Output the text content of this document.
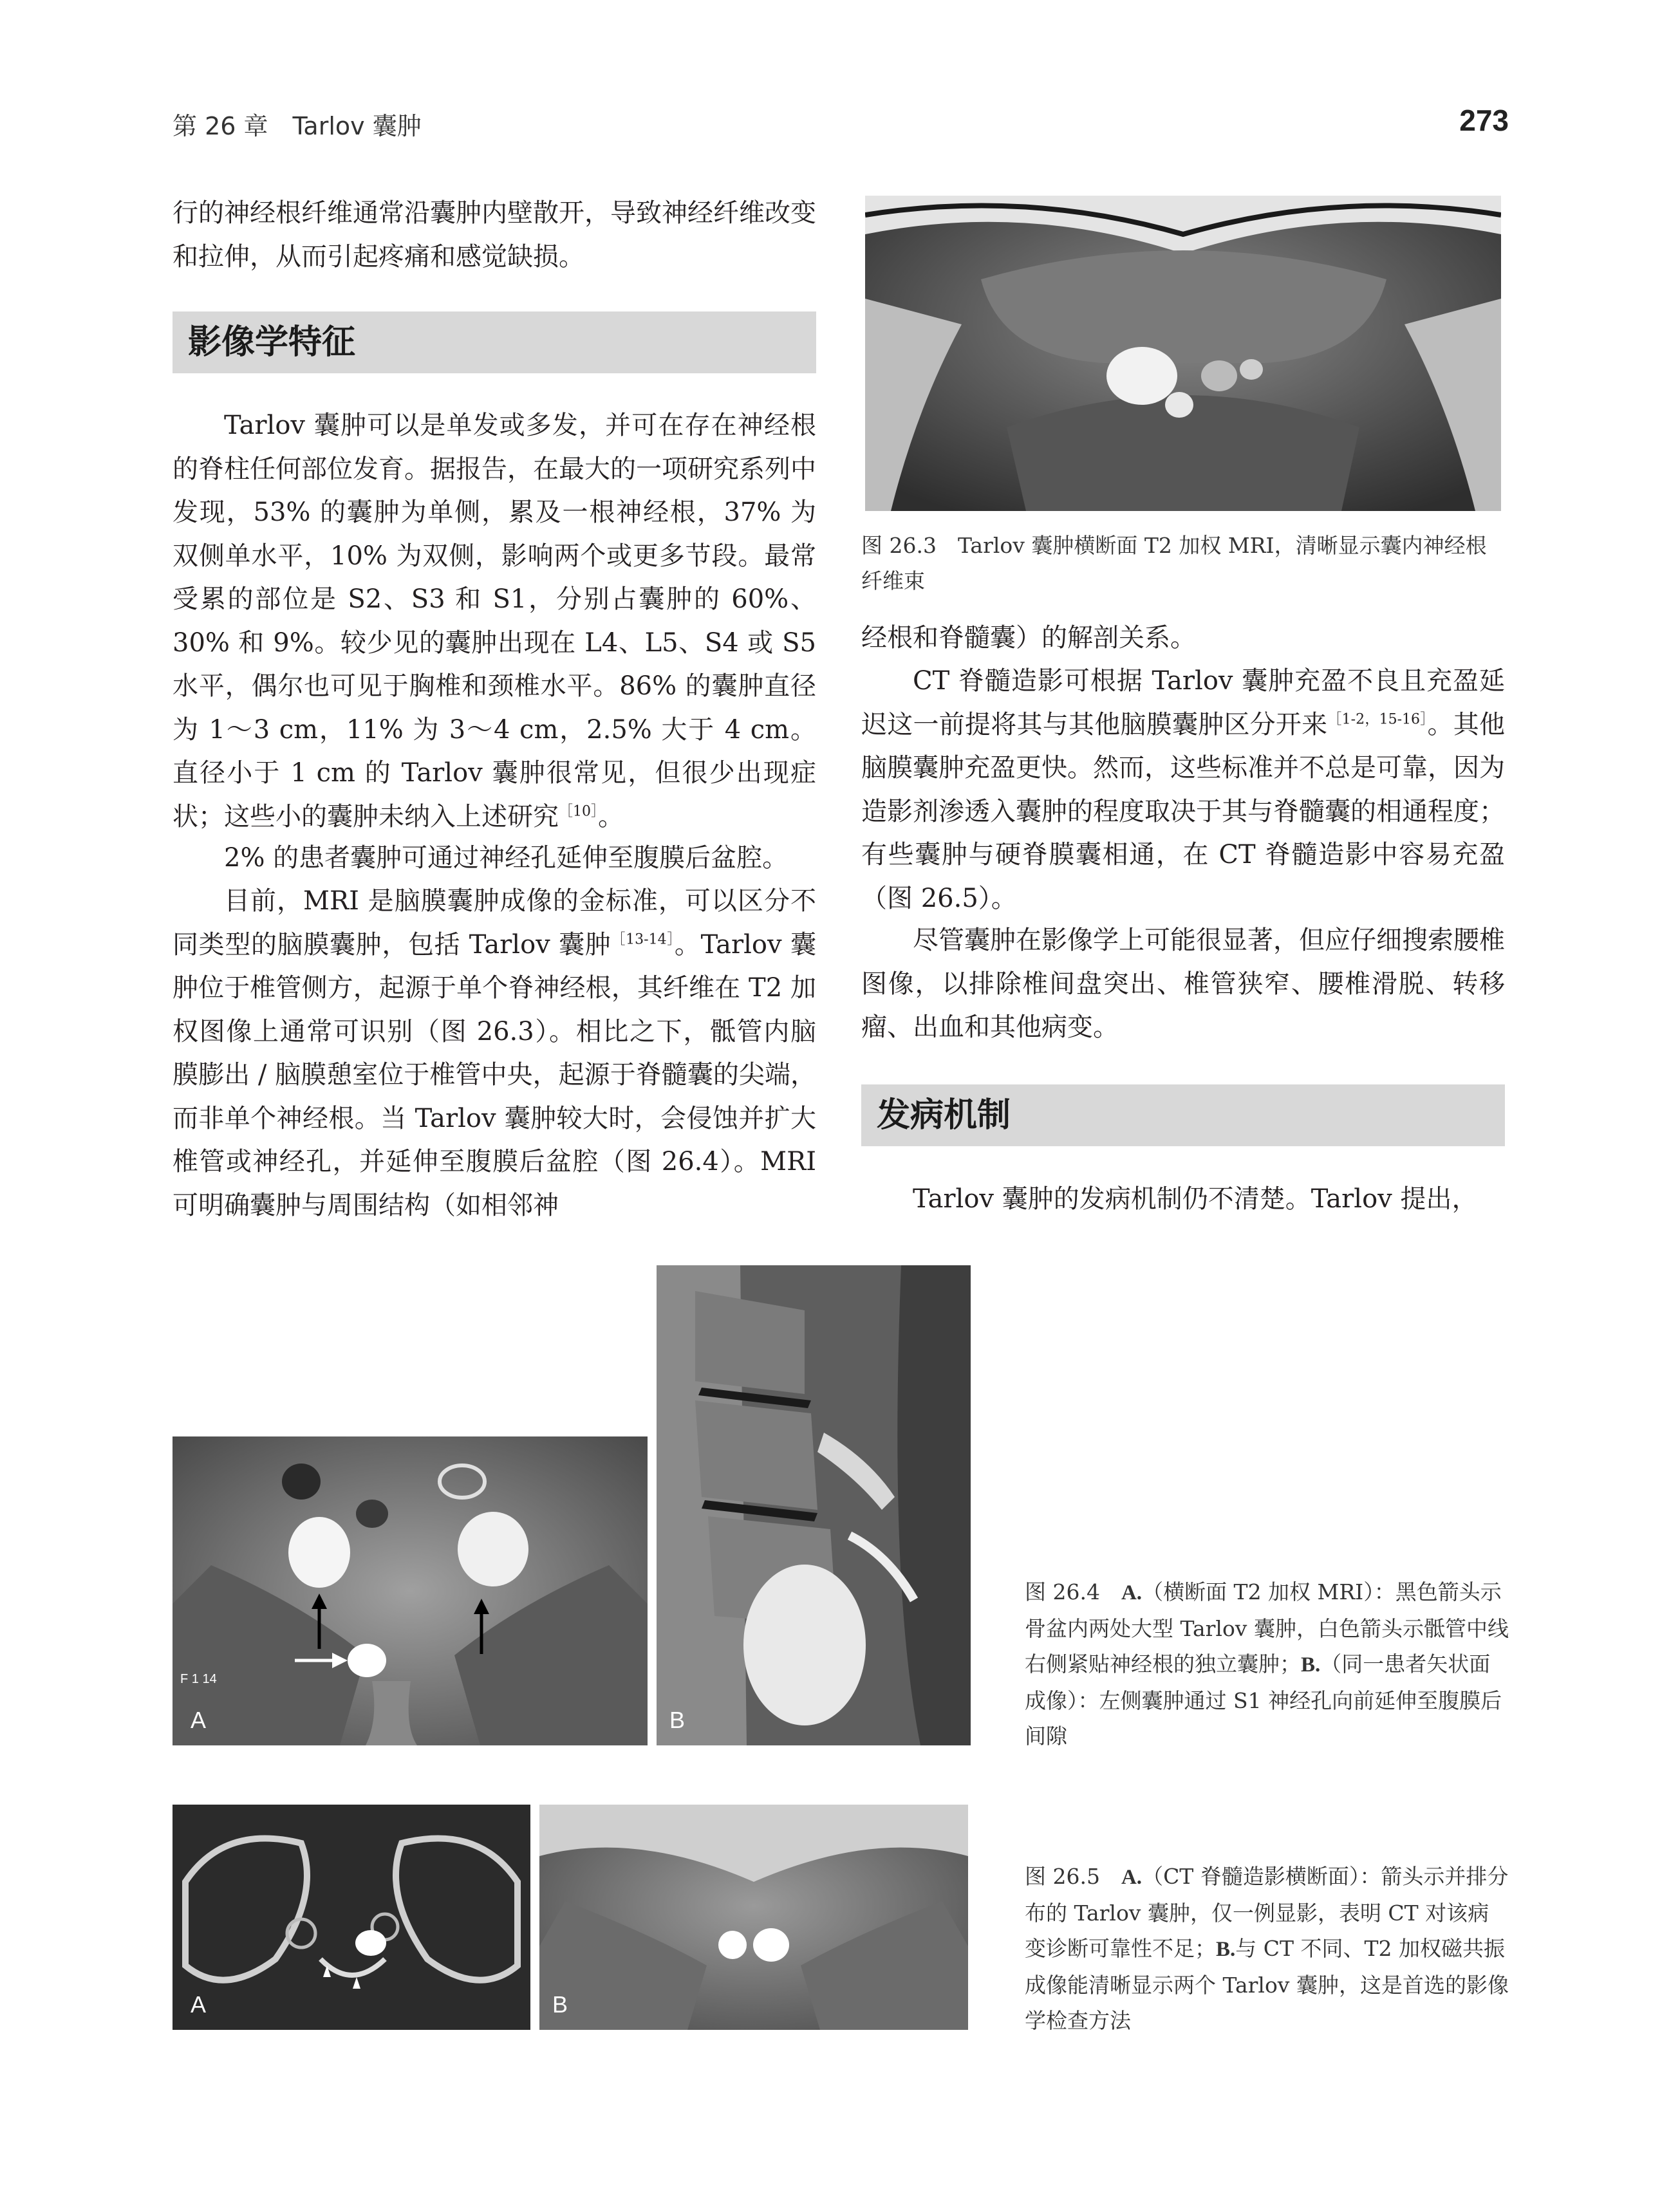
第 26 章　Tarlov 囊肿	273

行的神经根纤维通常沿囊肿内壁散开，导致神经纤维改变和拉伸，从而引起疼痛和感觉缺损。

影像学特征

Tarlov 囊肿可以是单发或多发，并可在存在神经根的脊柱任何部位发育。据报告，在最大的一项研究系列中发现，53% 的囊肿为单侧，累及一根神经根，37% 为双侧单水平，10% 为双侧，影响两个或更多节段。最常受累的部位是 S2、S3 和 S1，分别占囊肿的 60%、30% 和 9%。较少见的囊肿出现在 L4、L5、S4 或 S5 水平，偶尔也可见于胸椎和颈椎水平。86% 的囊肿直径为 1～3 cm，11% 为 3～4 cm，2.5% 大于 4 cm。直径小于 1 cm 的 Tarlov 囊肿很常见，但很少出现症状；这些小的囊肿未纳入上述研究$^{[10]}$。

2% 的患者囊肿可通过神经孔延伸至腹膜后盆腔。

目前，MRI 是脑膜囊肿成像的金标准，可以区分不同类型的脑膜囊肿，包括 Tarlov 囊肿$^{[13-14]}$。Tarlov 囊肿位于椎管侧方，起源于单个脊神经根，其纤维在 T2 加权图像上通常可识别（图 26.3）。相比之下，骶管内脑膜膨出 / 脑膜憩室位于椎管中央，起源于脊髓囊的尖端，而非单个神经根。当 Tarlov 囊肿较大时，会侵蚀并扩大椎管或神经孔，并延伸至腹膜后盆腔（图 26.4）。MRI 可明确囊肿与周围结构（如相邻神

图 26.3　Tarlov 囊肿横断面 T2 加权 MRI，清晰显示囊内神经根纤维束

经根和脊髓囊）的解剖关系。

CT 脊髓造影可根据 Tarlov 囊肿充盈不良且充盈延迟这一前提将其与其他脑膜囊肿区分开来$^{[1-2,15-16]}$。其他脑膜囊肿充盈更快。然而，这些标准并不总是可靠，因为造影剂渗透入囊肿的程度取决于其与脊髓囊的相通程度；有些囊肿与硬脊膜囊相通，在 CT 脊髓造影中容易充盈（图 26.5）。

尽管囊肿在影像学上可能很显著，但应仔细搜索腰椎图像，以排除椎间盘突出、椎管狭窄、腰椎滑脱、转移瘤、出血和其他病变。

发病机制

Tarlov 囊肿的发病机制仍不清楚。Tarlov 提出，

F 1 14
A	B

图 26.4　 A.（横断面 T2 加权 MRI）：黑色箭头示骨盆内两处大型 Tarlov 囊肿，白色箭头示骶管中线右侧紧贴神经根的独立囊肿；B.（同一患者矢状面成像）：左侧囊肿通过 S1 神经孔向前延伸至腹膜后间隙

A	B

图 26.5　 A.（CT 脊髓造影横断面）：箭头示并排分布的 Tarlov 囊肿，仅一例显影，表明 CT 对该病变诊断可靠性不足；B.与 CT 不同、T2 加权磁共振成像能清晰显示两个 Tarlov 囊肿，这是首选的影像学检查方法
